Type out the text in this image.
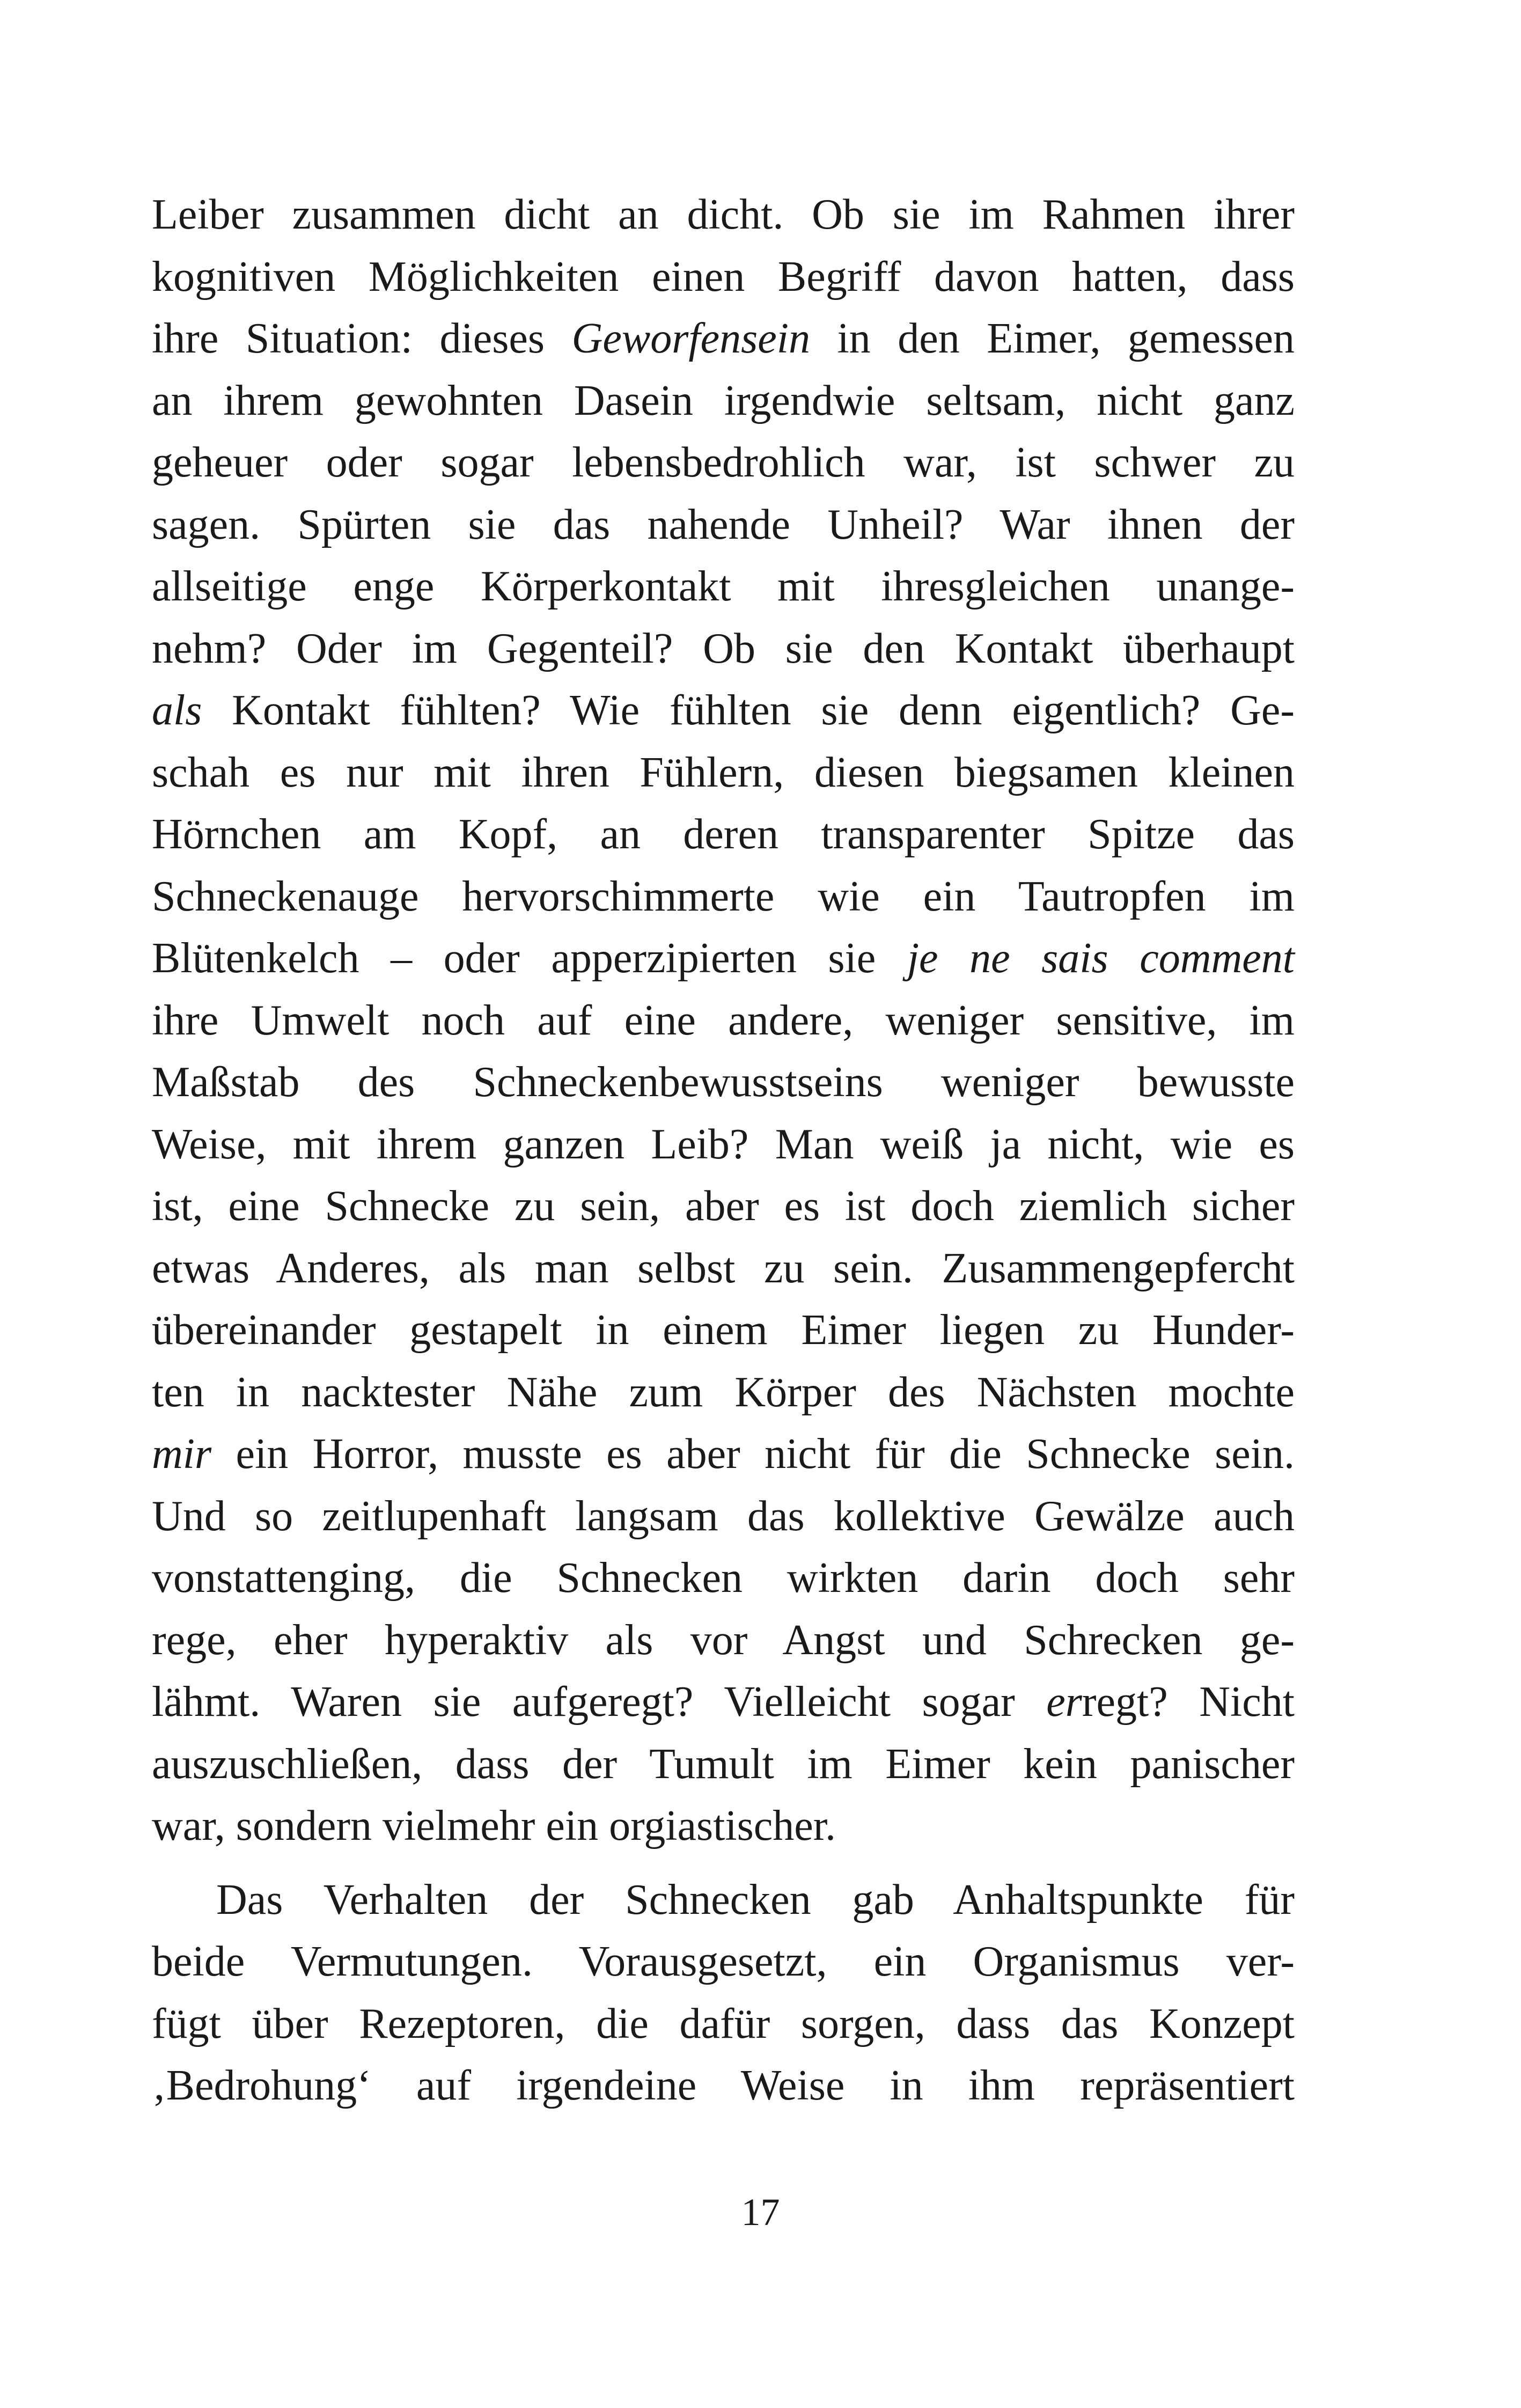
Leiber zusammen dicht an dicht. Ob sie im Rahmen ihrer
kognitiven Möglichkeiten einen Begriff davon hatten, dass
ihre Situation: dieses Geworfensein in den Eimer, gemessen
an ihrem gewohnten Dasein irgendwie seltsam, nicht ganz
geheuer oder sogar lebensbedrohlich war, ist schwer zu
sagen. Spürten sie das nahende Unheil? War ihnen der
allseitige enge Körperkontakt mit ihresgleichen unange-
nehm? Oder im Gegenteil? Ob sie den Kontakt überhaupt
als Kontakt fühlten? Wie fühlten sie denn eigentlich? Ge-
schah es nur mit ihren Fühlern, diesen biegsamen kleinen
Hörnchen am Kopf, an deren transparenter Spitze das
Schneckenauge hervorschimmerte wie ein Tautropfen im
Blütenkelch – oder apperzipierten sie je ne sais comment
ihre Umwelt noch auf eine andere, weniger sensitive, im
Maßstab des Schneckenbewusstseins weniger bewusste
Weise, mit ihrem ganzen Leib? Man weiß ja nicht, wie es
ist, eine Schnecke zu sein, aber es ist doch ziemlich sicher
etwas Anderes, als man selbst zu sein. Zusammengepfercht
übereinander gestapelt in einem Eimer liegen zu Hunder-
ten in nacktester Nähe zum Körper des Nächsten mochte
mir ein Horror, musste es aber nicht für die Schnecke sein.
Und so zeitlupenhaft langsam das kollektive Gewälze auch
vonstattenging, die Schnecken wirkten darin doch sehr
rege, eher hyperaktiv als vor Angst und Schrecken ge-
lähmt. Waren sie aufgeregt? Vielleicht sogar erregt? Nicht
auszuschließen, dass der Tumult im Eimer kein panischer
war, sondern vielmehr ein orgiastischer.
Das Verhalten der Schnecken gab Anhaltspunkte für
beide Vermutungen. Vorausgesetzt, ein Organismus ver-
fügt über Rezeptoren, die dafür sorgen, dass das Konzept
‚Bedrohung‘ auf irgendeine Weise in ihm repräsentiert
17
